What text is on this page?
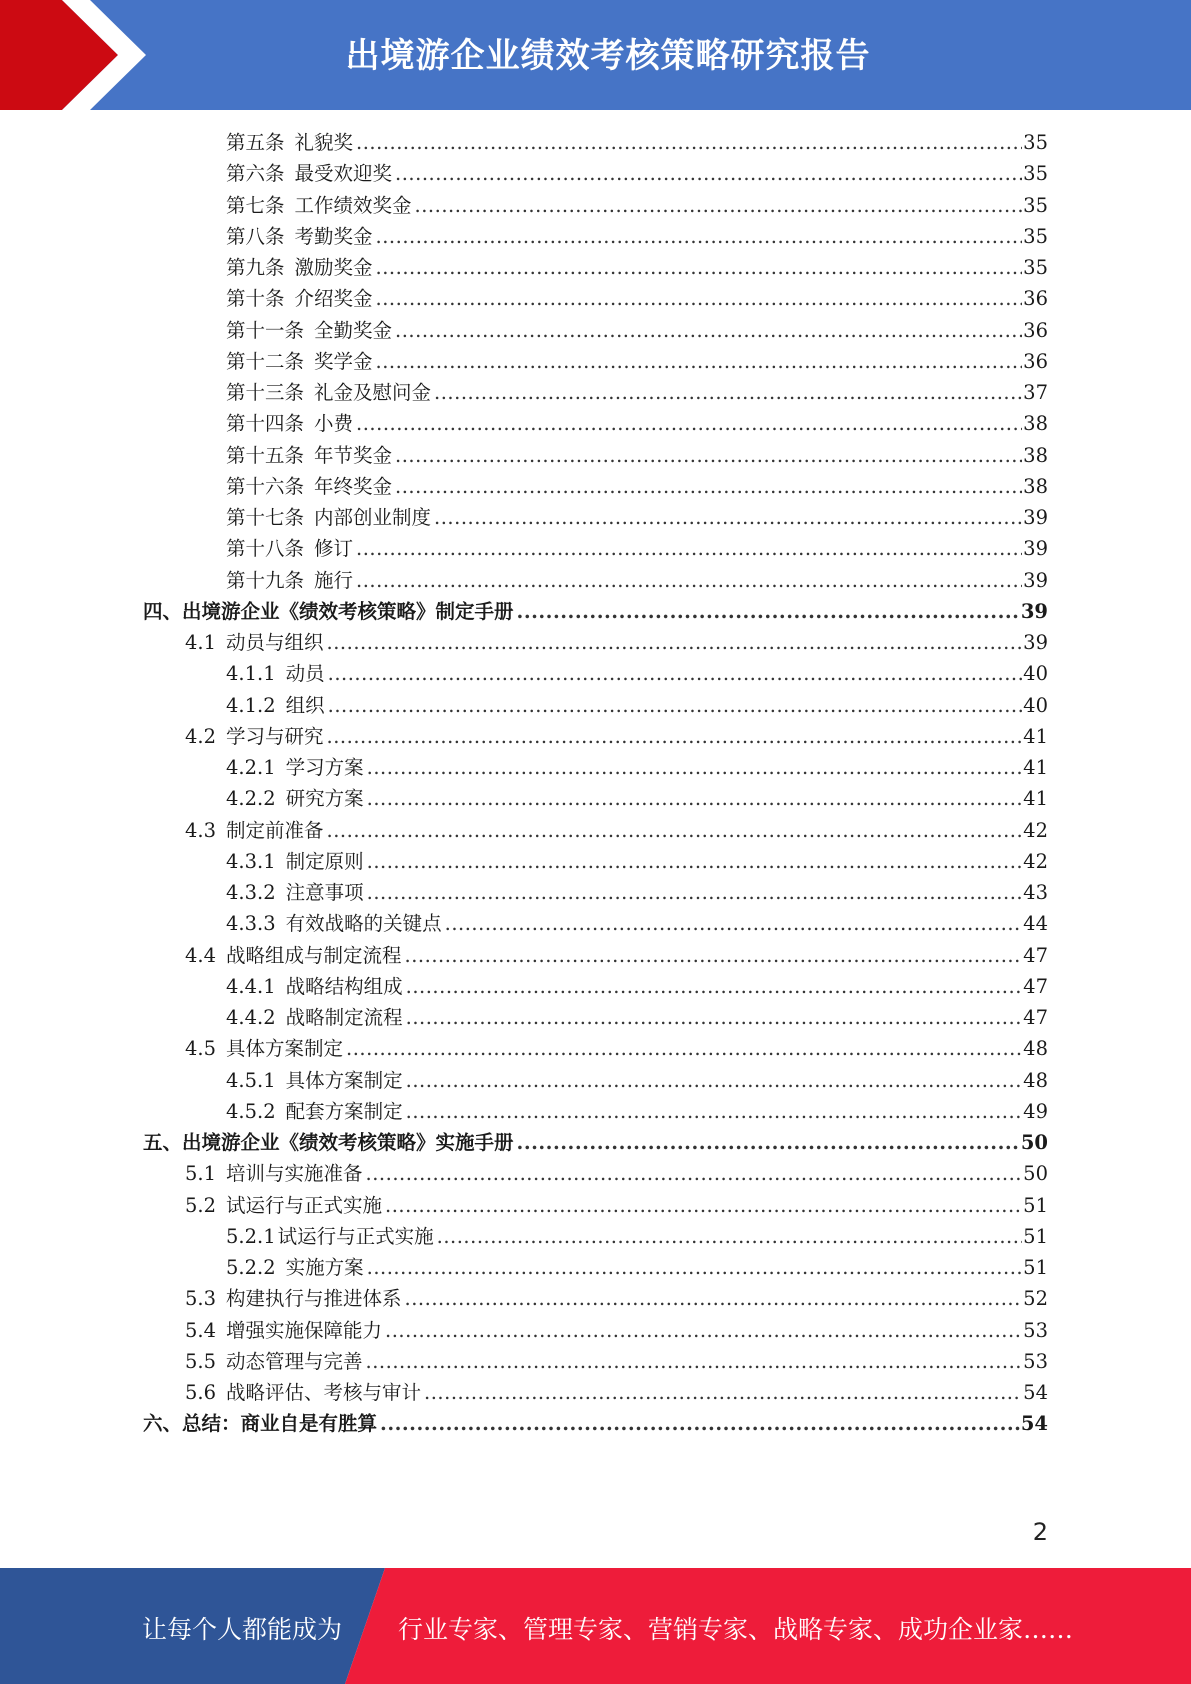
出境游企业绩效考核策略研究报告
第五条 礼貌奖 .....	35
第六条 最受欢迎奖 .....	35
第七条 工作绩效奖金 .....	35
第八条 考勤奖金 .....	35
第九条 激励奖金 .....	35
第十条 介绍奖金 .....	36
第十一条 全勤奖金 .....	36
第十二条 奖学金 .....	36
第十三条 礼金及慰问金 .....	37
第十四条 小费 .....	38
第十五条 年节奖金 .....	38
第十六条 年终奖金 .....	38
第十七条 内部创业制度 .....	39
第十八条 修订 .....	39
第十九条 施行 .....	39
四、 出境游企业《绩效考核策略》制定手册 .....	39
4.1 动员与组织 .....	39
4.1.1 动员 .....	40
4.1.2 组织 .....	40
4.2 学习与研究 .....	41
4.2.1 学习方案 .....	41
4.2.2 研究方案 .....	41
4.3 制定前准备 .....	42
4.3.1 制定原则 .....	42
4.3.2 注意事项 .....	43
4.3.3 有效战略的关键点 .....	44
4.4 战略组成与制定流程 .....	47
4.4.1 战略结构组成 .....	47
4.4.2 战略制定流程 .....	47
4.5 具体方案制定 .....	48
4.5.1 具体方案制定 .....	48
4.5.2 配套方案制定 .....	49
五、 出境游企业《绩效考核策略》实施手册 .....	50
5.1 培训与实施准备 .....	50
5.2 试运行与正式实施 .....	51
5.2.1 试运行与正式实施 .....	51
5.2.2 实施方案 .....	51
5.3 构建执行与推进体系 .....	52
5.4 增强实施保障能力 .....	53
5.5 动态管理与完善 .....	53
5.6 战略评估、考核与审计 .....	54
六、 总结：商业自是有胜算 .....	54
2
让每个人都能成为 行业专家、管理专家、营销专家、战略专家、成功企业家……
